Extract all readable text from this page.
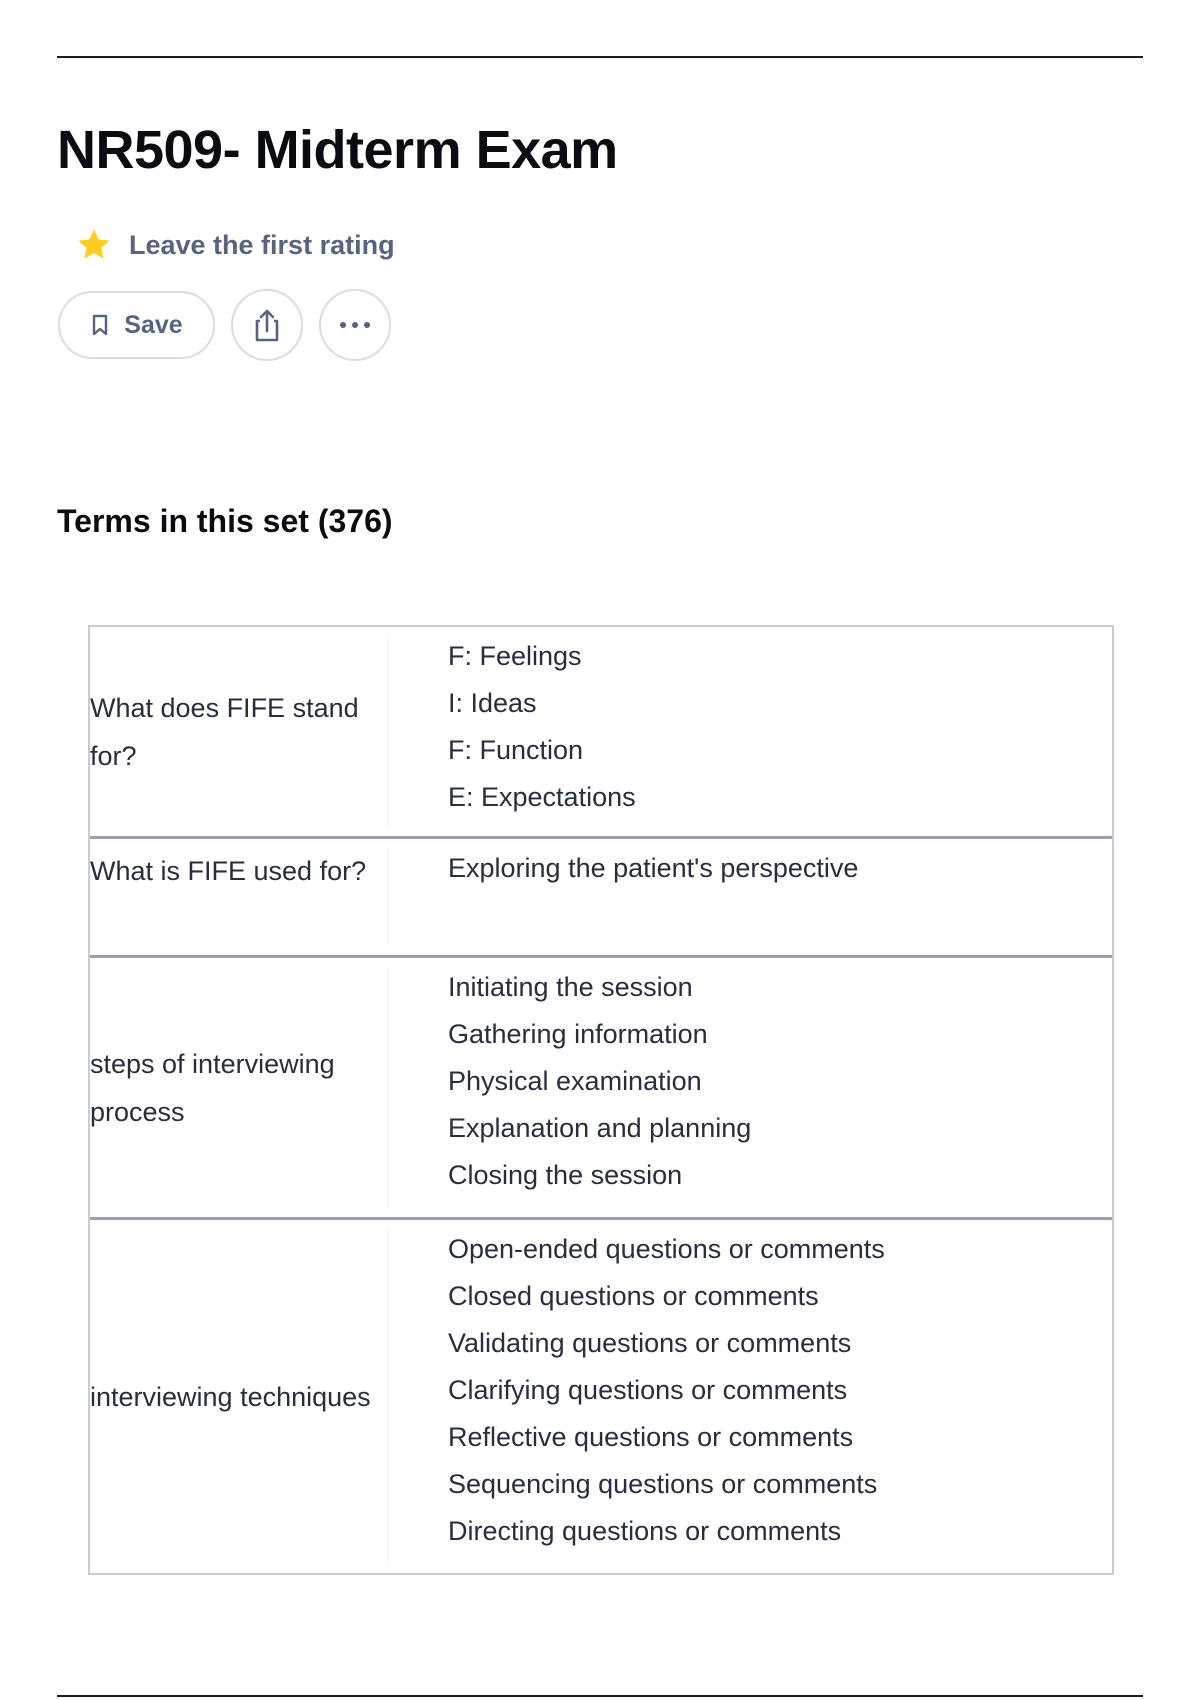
NR509- Midterm Exam
Leave the first rating
Save
Terms in this set (376)
What does FIFE stand for?
F: Feelings
I: Ideas
F: Function
E: Expectations
What is FIFE used for?	Exploring the patient's perspective
steps of interviewing process
Initiating the session
Gathering information
Physical examination
Explanation and planning
Closing the session
interviewing techniques
Open-ended questions or comments
Closed questions or comments
Validating questions or comments
Clarifying questions or comments
Reflective questions or comments
Sequencing questions or comments
Directing questions or comments
